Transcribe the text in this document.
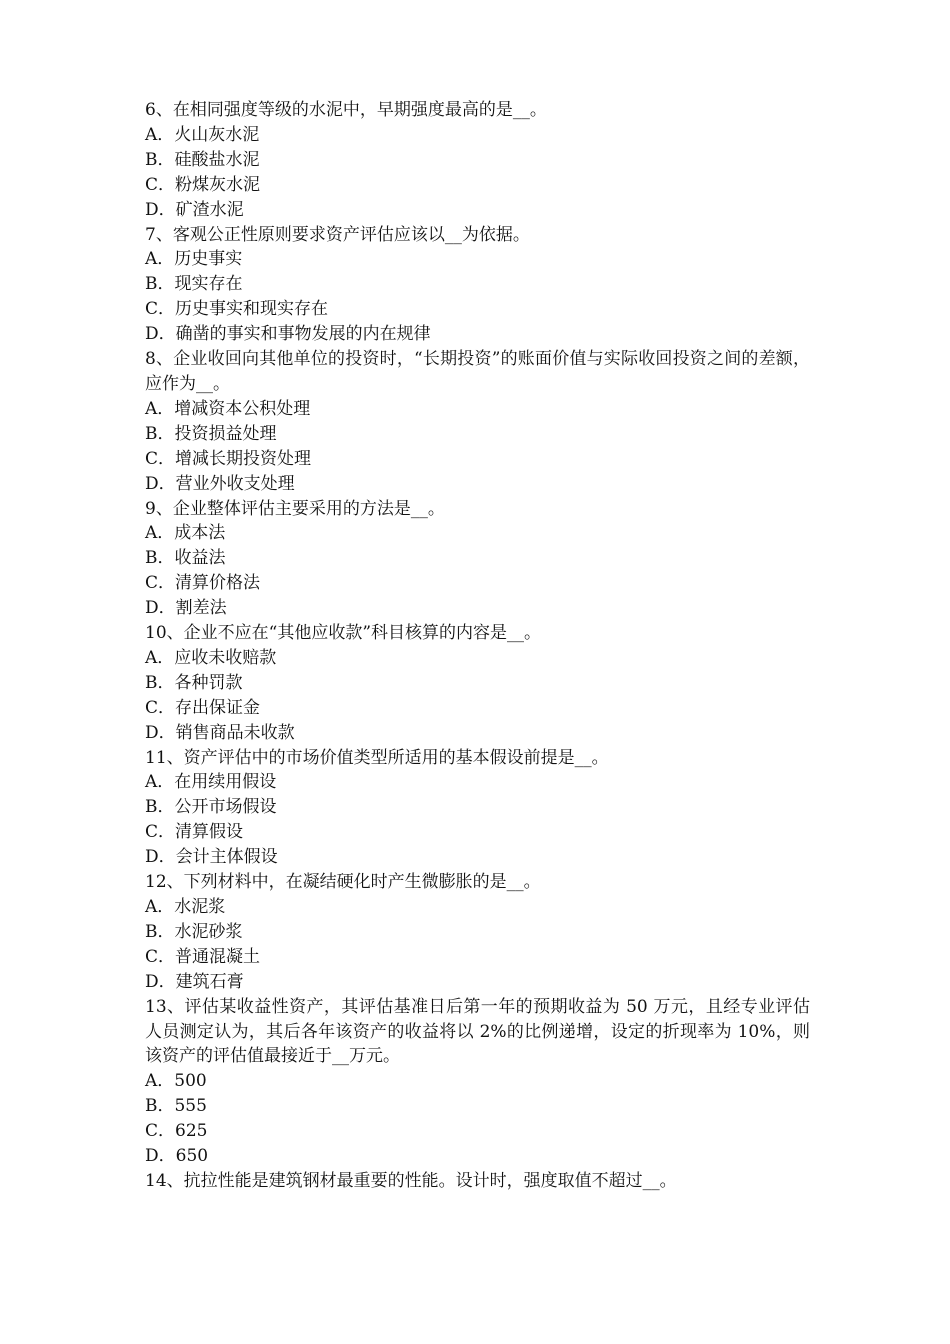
6、在相同强度等级的水泥中，早期强度最高的是__。
A．火山灰水泥
B．硅酸盐水泥
C．粉煤灰水泥
D．矿渣水泥
7、客观公正性原则要求资产评估应该以__为依据。
A．历史事实
B．现实存在
C．历史事实和现实存在
D．确凿的事实和事物发展的内在规律
8、企业收回向其他单位的投资时，“长期投资”的账面价值与实际收回投资之间的差额，应作为__。
A．增减资本公积处理
B．投资损益处理
C．增减长期投资处理
D．营业外收支处理
9、企业整体评估主要采用的方法是__。
A．成本法
B．收益法
C．清算价格法
D．割差法
10、企业不应在“其他应收款”科目核算的内容是__。
A．应收未收赔款
B．各种罚款
C．存出保证金
D．销售商品未收款
11、资产评估中的市场价值类型所适用的基本假设前提是__。
A．在用续用假设
B．公开市场假设
C．清算假设
D．会计主体假设
12、下列材料中，在凝结硬化时产生微膨胀的是__。
A．水泥浆
B．水泥砂浆
C．普通混凝土
D．建筑石膏
13、评估某收益性资产，其评估基准日后第一年的预期收益为 50 万元，且经专业评估人员测定认为，其后各年该资产的收益将以 2%的比例递增，设定的折现率为 10%，则该资产的评估值最接近于__万元。
A．500
B．555
C．625
D．650
14、抗拉性能是建筑钢材最重要的性能。设计时，强度取值不超过__。
